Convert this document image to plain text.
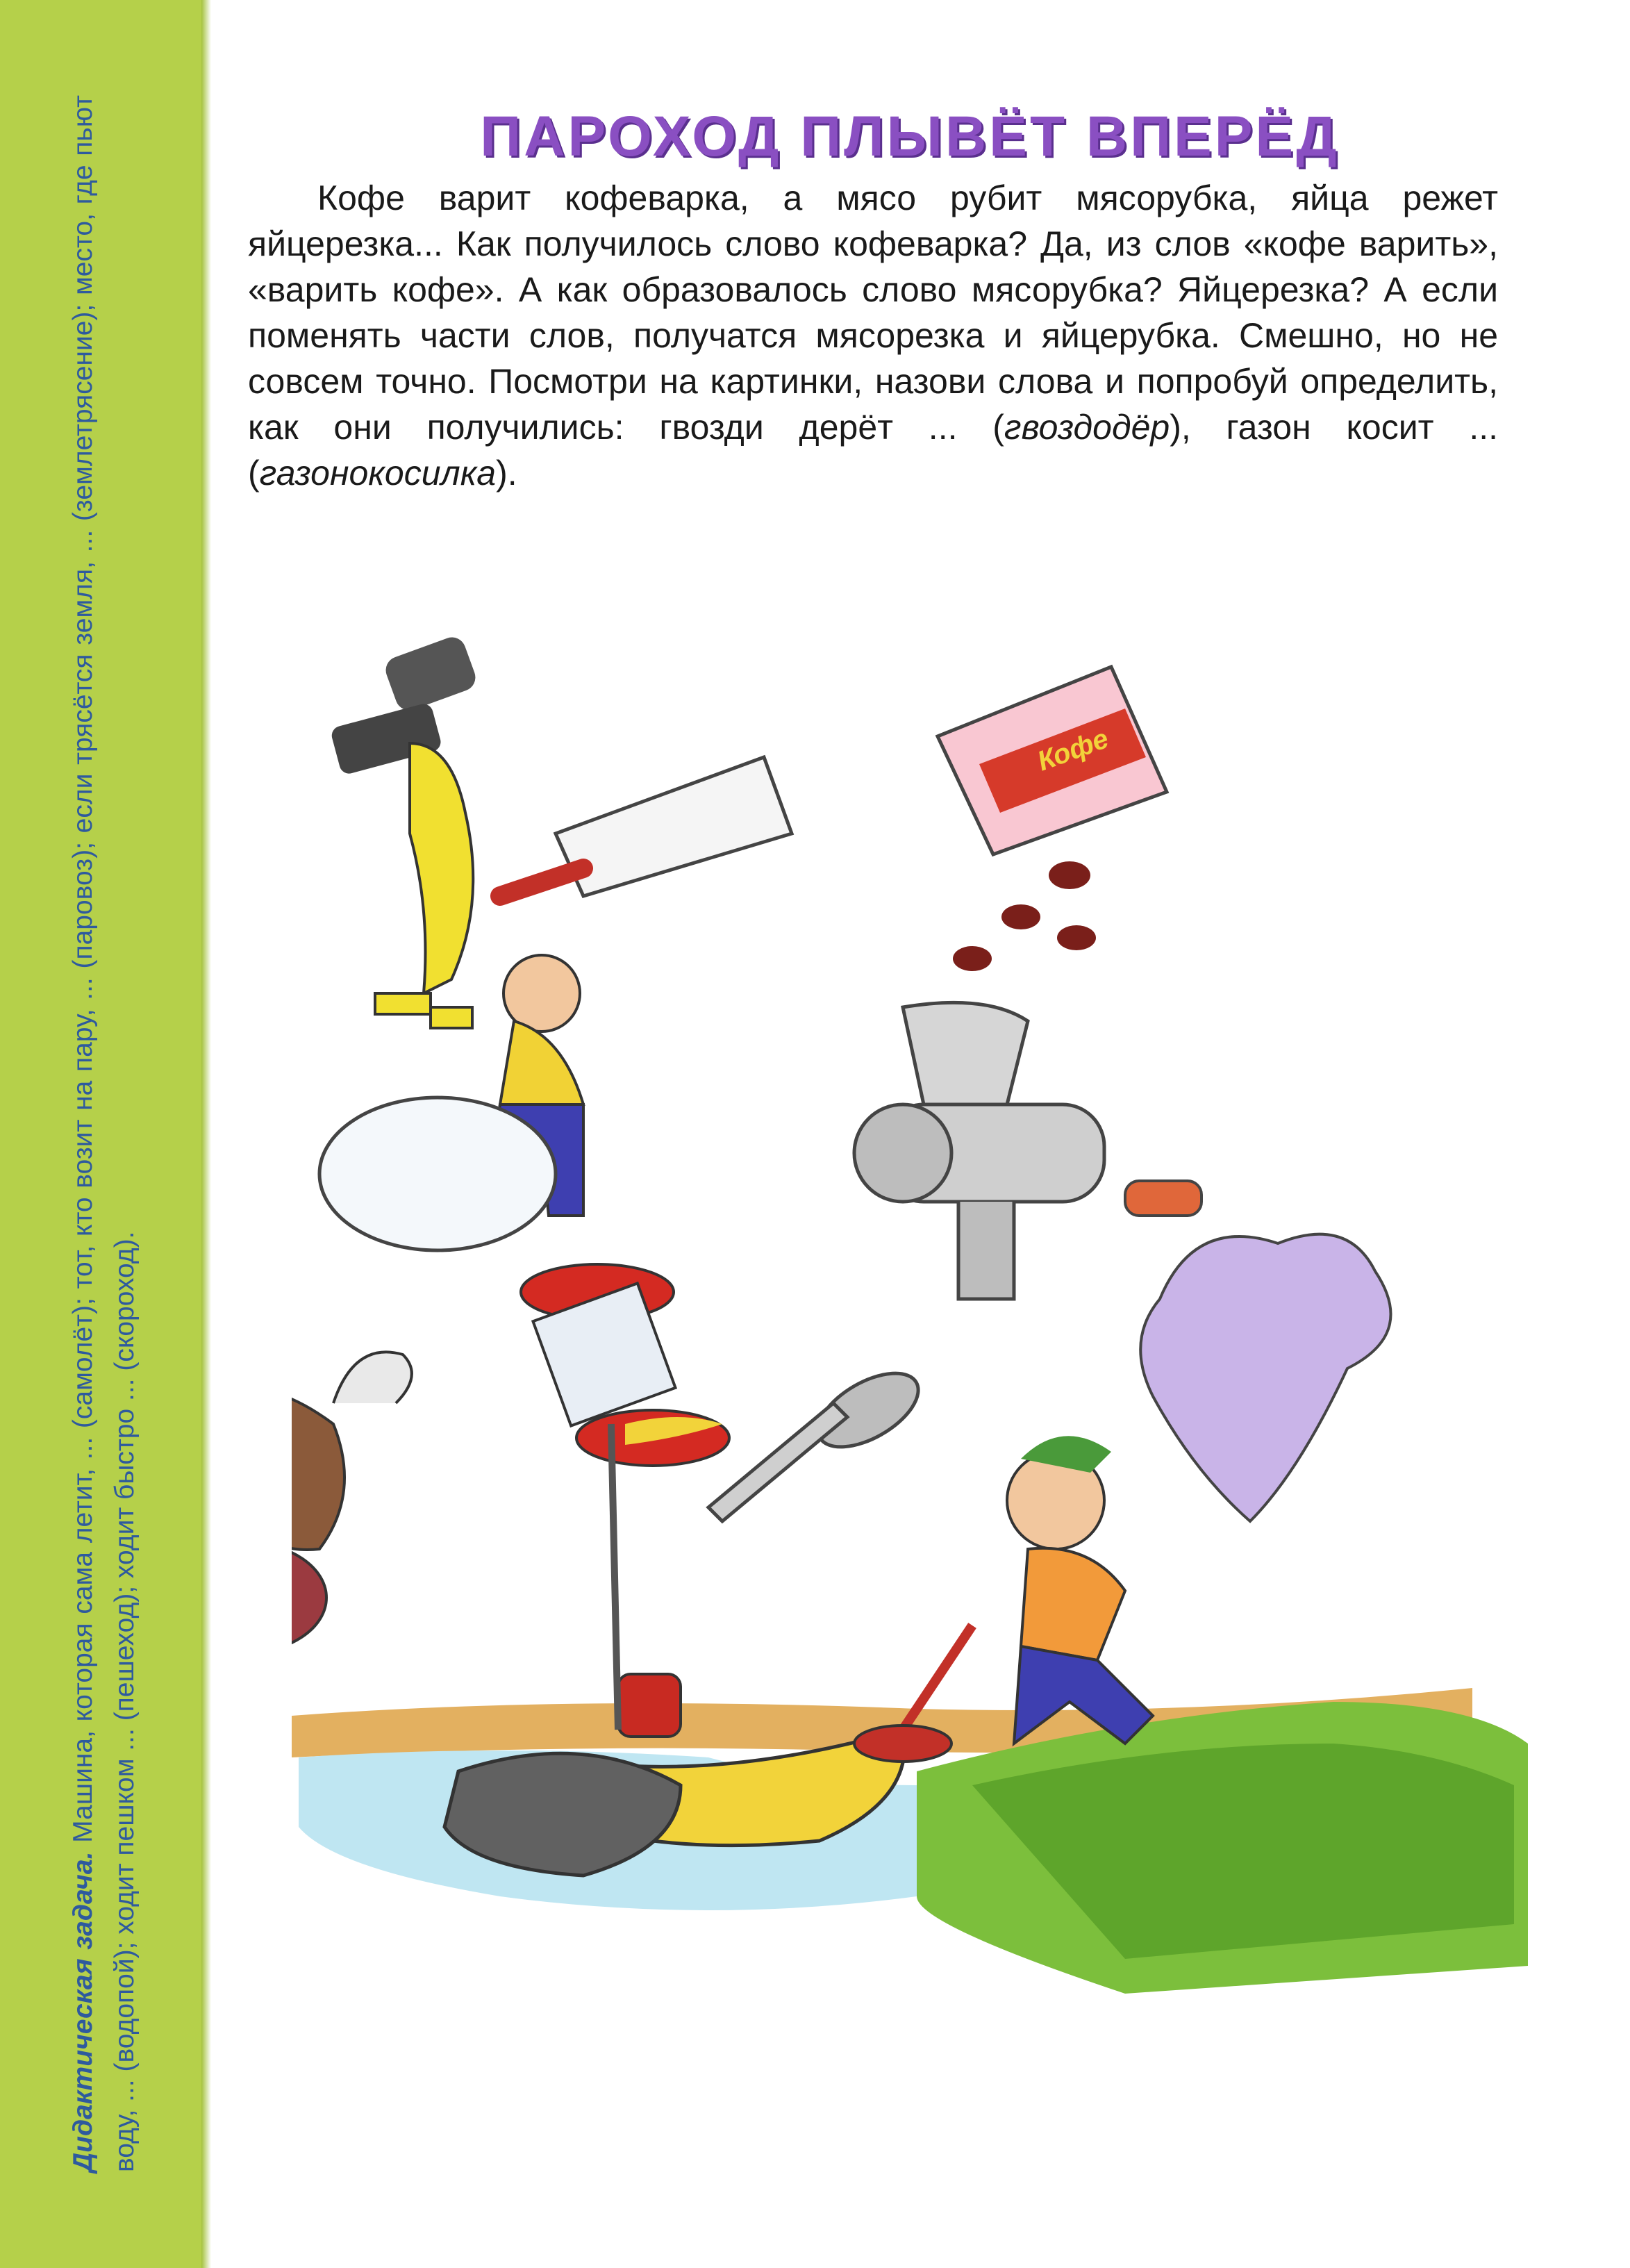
Дидактическая задача. Машина, которая сама летит, ... (самолёт); тот, кто возит на пару, ... (паровоз); если трясётся земля, ... (землетрясение); место, где пьют воду, ... (водопой); ходит пешком ... (пешеход); ходит быстро ... (скороход).
ПАРОХОД ПЛЫВЁТ ВПЕРЁД

Кофе варит кофеварка, а мясо рубит мясорубка, яйца режет яйцерезка... Как получилось слово кофеварка? Да, из слов «кофе варить», «варить кофе». А как образовалось слово мясорубка? Яйцерезка? А если поменять части слов, получатся мясорезка и яйцерубка. Смешно, но не совсем точно. Посмотри на картинки, назови слова и попробуй определить, как они получились: гвозди дерёт ... (гвоздодёр), газон косит ... (газонокосилка).

Кофе
